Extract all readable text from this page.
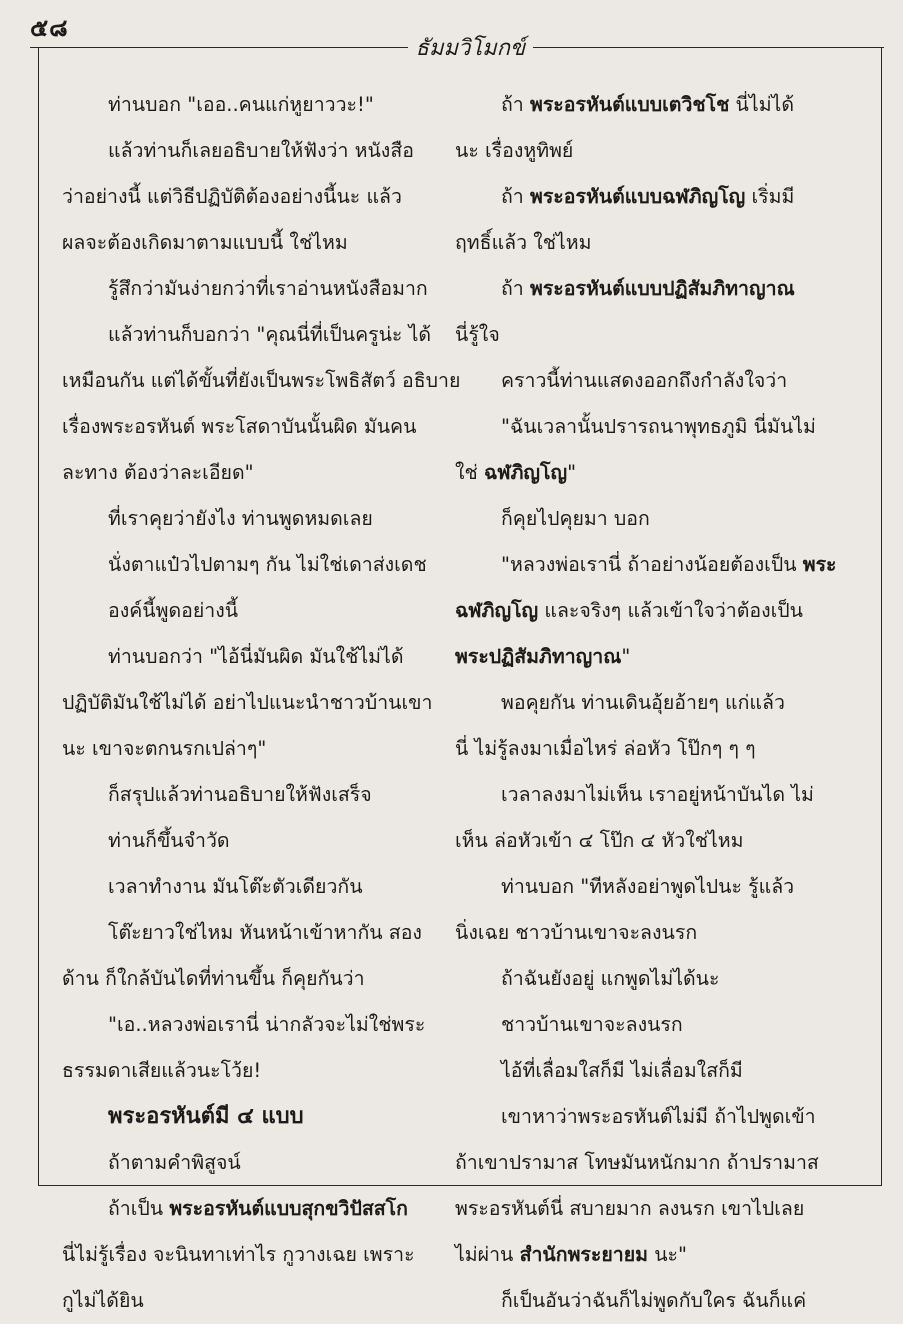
๕๘
ธัมมวิโมกข์
ท่านบอก "เออ..คนแก่หูยาววะ!"
แล้วท่านก็เลยอธิบายให้ฟังว่า หนังสือ
ว่าอย่างนี้ แต่วิธีปฏิบัติต้องอย่างนี้นะ แล้ว
ผลจะต้องเกิดมาตามแบบนี้ ใช่ไหม
รู้สึกว่ามันง่ายกว่าที่เราอ่านหนังสือมาก
แล้วท่านก็บอกว่า "คุณนี่ที่เป็นครูน่ะ ได้
เหมือนกัน แต่ได้ขั้นที่ยังเป็นพระโพธิสัตว์ อธิบาย
เรื่องพระอรหันต์ พระโสดาบันนั้นผิด มันคน
ละทาง ต้องว่าละเอียด"
ที่เราคุยว่ายังไง ท่านพูดหมดเลย
นั่งตาแป๋วไปตามๆ กัน ไม่ใช่เดาส่งเดช
องค์นี้พูดอย่างนี้
ท่านบอกว่า "ไอ้นี่มันผิด มันใช้ไม่ได้
ปฏิบัติมันใช้ไม่ได้ อย่าไปแนะนำชาวบ้านเขา
นะ เขาจะตกนรกเปล่าๆ"
ก็สรุปแล้วท่านอธิบายให้ฟังเสร็จ
ท่านก็ขึ้นจำวัด
เวลาทำงาน มันโต๊ะตัวเดียวกัน
โต๊ะยาวใช่ไหม หันหน้าเข้าหากัน สอง
ด้าน ก็ใกล้บันไดที่ท่านขึ้น ก็คุยกันว่า
"เอ..หลวงพ่อเรานี่ น่ากลัวจะไม่ใช่พระ
ธรรมดาเสียแล้วนะโว้ย!
พระอรหันต์มี ๔ แบบ
ถ้าตามคำพิสูจน์
ถ้าเป็น พระอรหันต์แบบสุกขวิปัสสโก
นี่ไม่รู้เรื่อง จะนินทาเท่าไร กูวางเฉย เพราะ
กูไม่ได้ยิน
ถ้า พระอรหันต์แบบเตวิชโช นี่ไม่ได้
นะ เรื่องหูทิพย์
ถ้า พระอรหันต์แบบฉฬภิญโญ เริ่มมี
ฤทธิ์แล้ว ใช่ไหม
ถ้า พระอรหันต์แบบปฏิสัมภิทาญาณ
นี่รู้ใจ
คราวนี้ท่านแสดงออกถึงกำลังใจว่า
"ฉันเวลานั้นปรารถนาพุทธภูมิ นี่มันไม่
ใช่ ฉฬภิญโญ"
ก็คุยไปคุยมา บอก
"หลวงพ่อเรานี่ ถ้าอย่างน้อยต้องเป็น พระ
ฉฬภิญโญ และจริงๆ แล้วเข้าใจว่าต้องเป็น
พระปฏิสัมภิทาญาณ"
พอคุยกัน ท่านเดินอุ้ยอ้ายๆ แก่แล้ว
นี่ ไม่รู้ลงมาเมื่อไหร่ ล่อหัว โป๊กๆ ๆ ๆ
เวลาลงมาไม่เห็น เราอยู่หน้าบันได ไม่
เห็น ล่อหัวเข้า ๔ โป๊ก ๔ หัวใช่ไหม
ท่านบอก "ทีหลังอย่าพูดไปนะ รู้แล้ว
นิ่งเฉย ชาวบ้านเขาจะลงนรก
ถ้าฉันยังอยู่ แกพูดไม่ได้นะ
ชาวบ้านเขาจะลงนรก
ไอ้ที่เลื่อมใสก็มี ไม่เลื่อมใสก็มี
เขาหาว่าพระอรหันต์ไม่มี ถ้าไปพูดเข้า
ถ้าเขาปรามาส โทษมันหนักมาก ถ้าปรามาส
พระอรหันต์นี่ สบายมาก ลงนรก เขาไปเลย
ไม่ผ่าน สำนักพระยายม นะ"
ก็เป็นอันว่าฉันก็ไม่พูดกับใคร ฉันก็แค่
